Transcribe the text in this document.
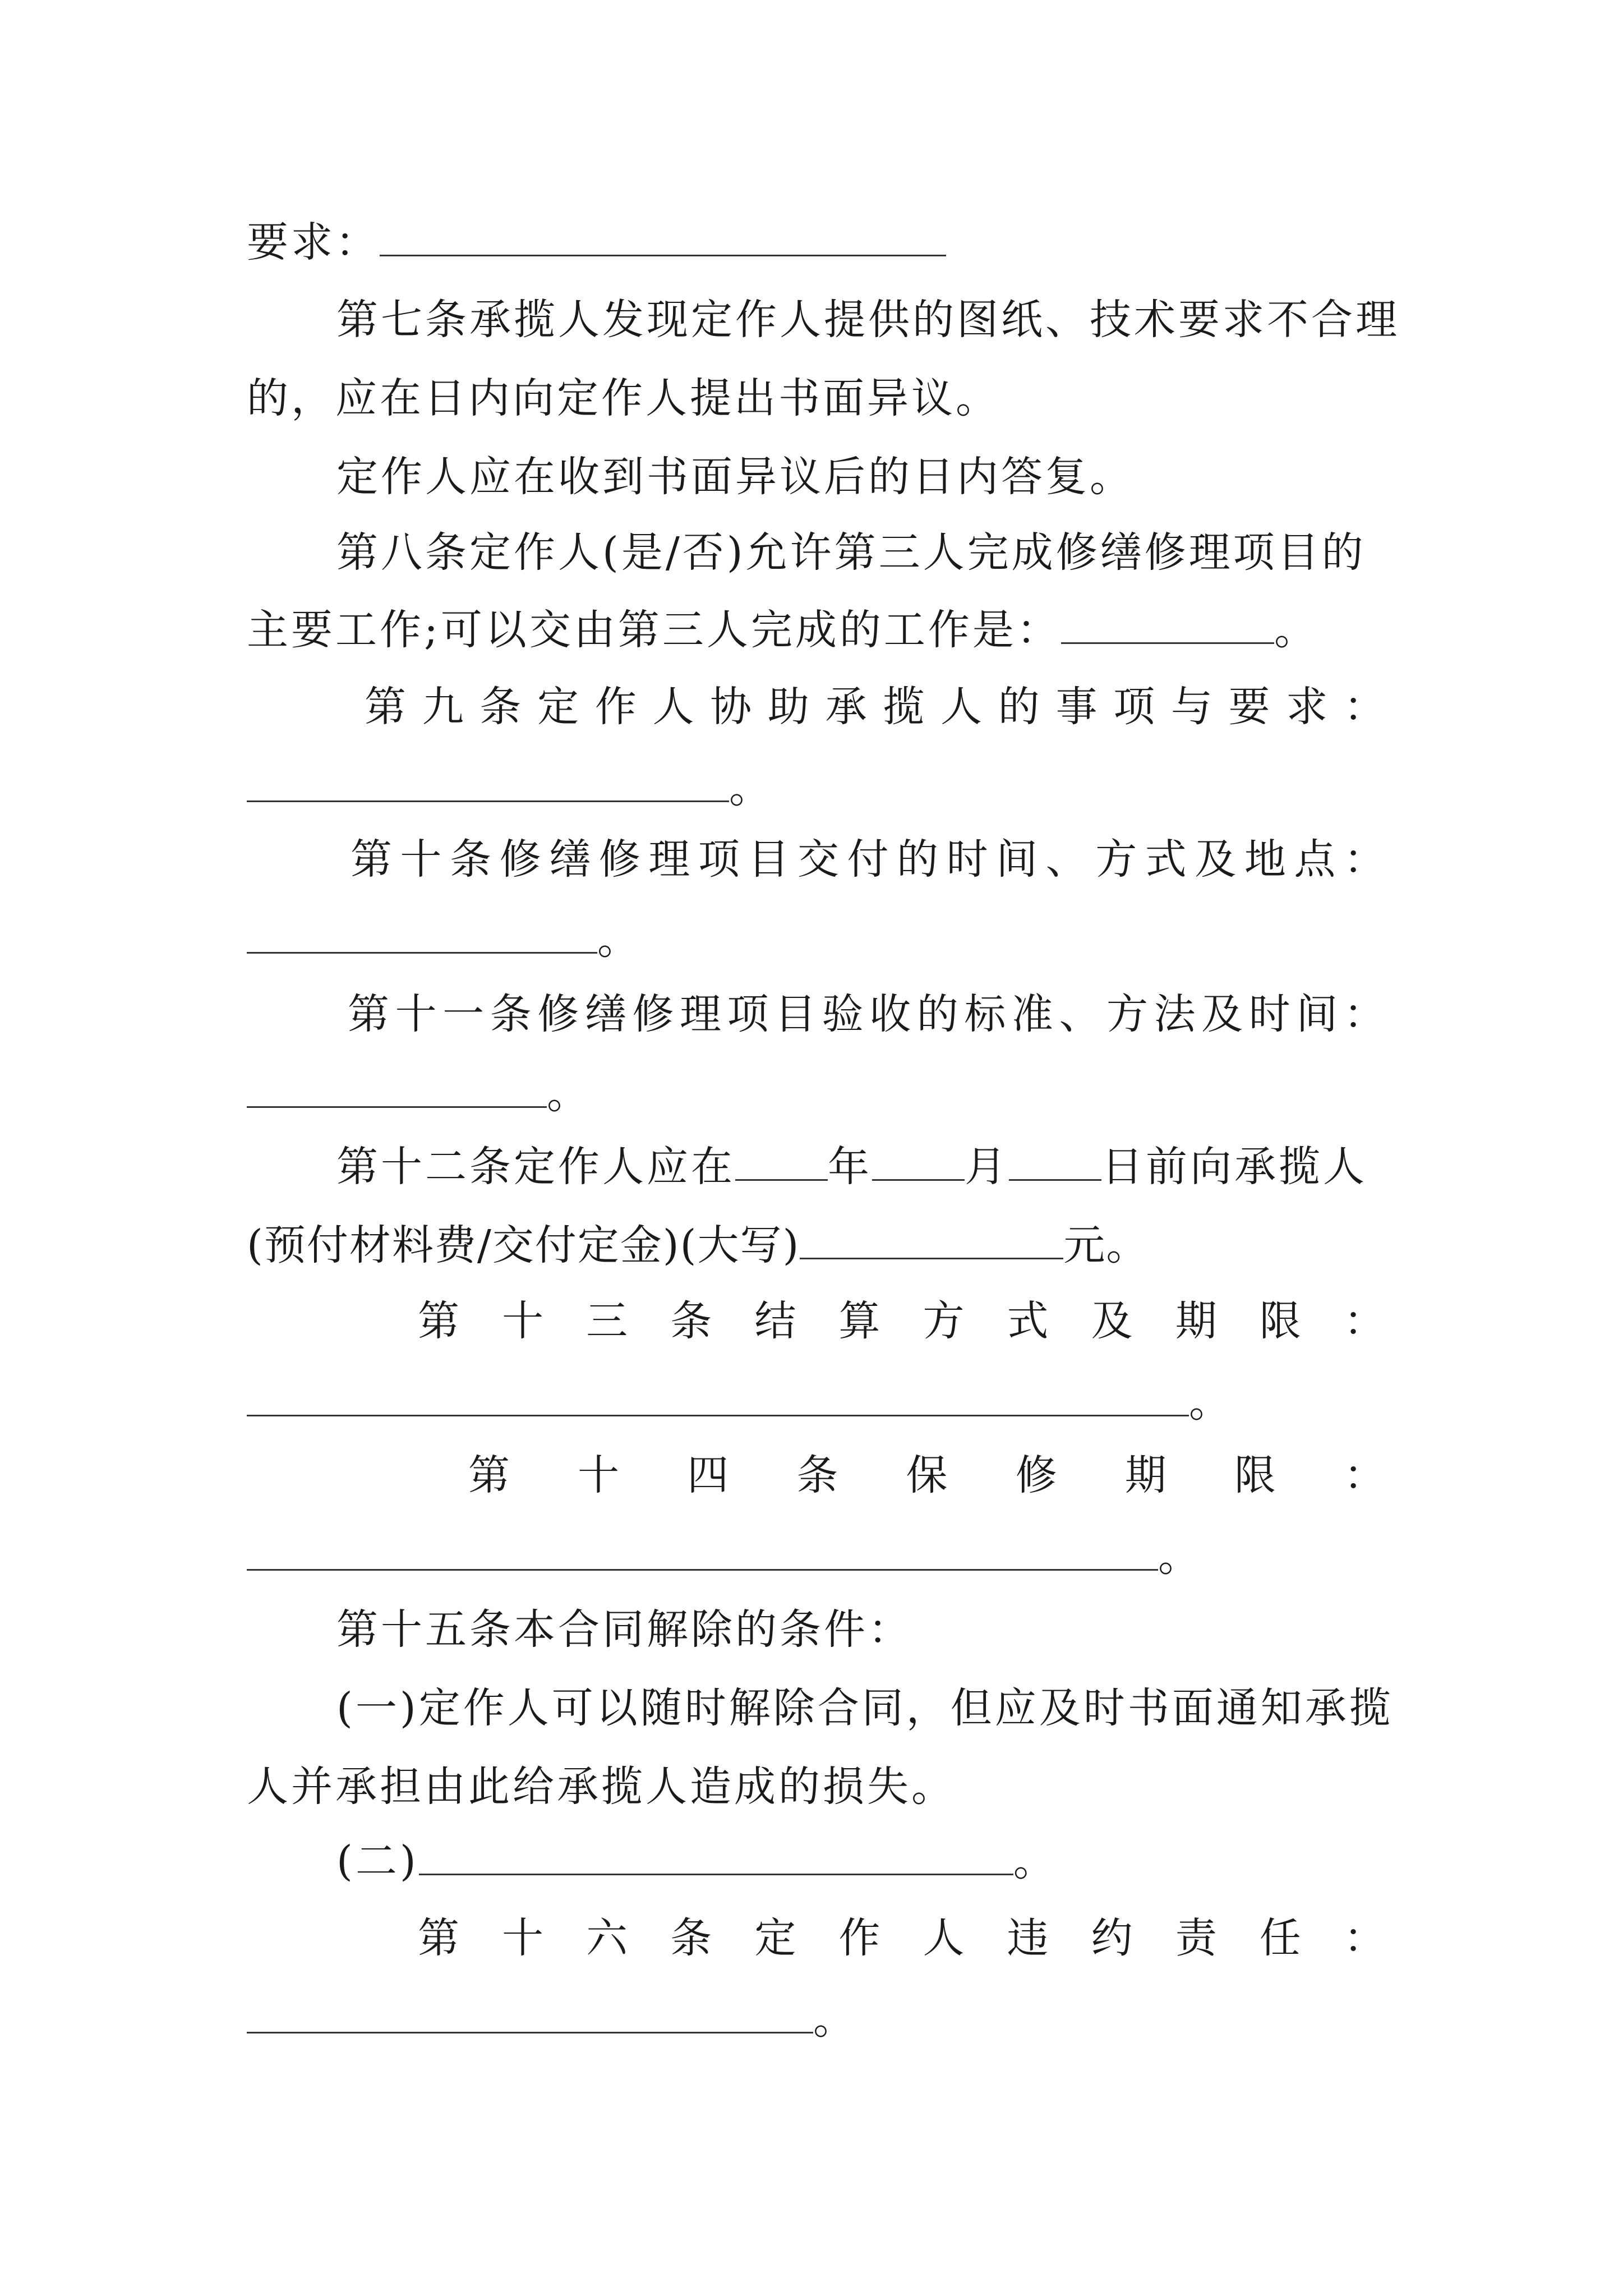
要求：
第七条承揽人发现定作人提供的图纸、技术要求不合理
的，应在日内向定作人提出书面异议。
定作人应在收到书面异议后的日内答复。
第八条定作人(是/否)允许第三人完成修缮修理项目的
主要工作;可以交由第三人完成的工作是：	。
第 九 条 定 作 人 协 助 承 揽 人 的 事 项 与 要 求 ：
。
第 十 条 修 缮 修 理 项 目 交 付 的 时 间 、 方 式 及 地 点 ：
。
第 十 一 条 修 缮 修 理 项 目 验 收 的 标 准 、 方 法 及 时 间 ：
。
第十二条定作人应在 年 月 日前向承揽人
(预付材料费/交付定金)(大写)	元。
第 十 三 条 结 算 方 式 及 期 限 ：
。
第 十 四 条 保 修 期 限 ：
。
第十五条本合同解除的条件：
(一)定作人可以随时解除合同，但应及时书面通知承揽
人并承担由此给承揽人造成的损失。
(二)	。
第 十 六 条 定 作 人 违 约 责 任 ：
。
